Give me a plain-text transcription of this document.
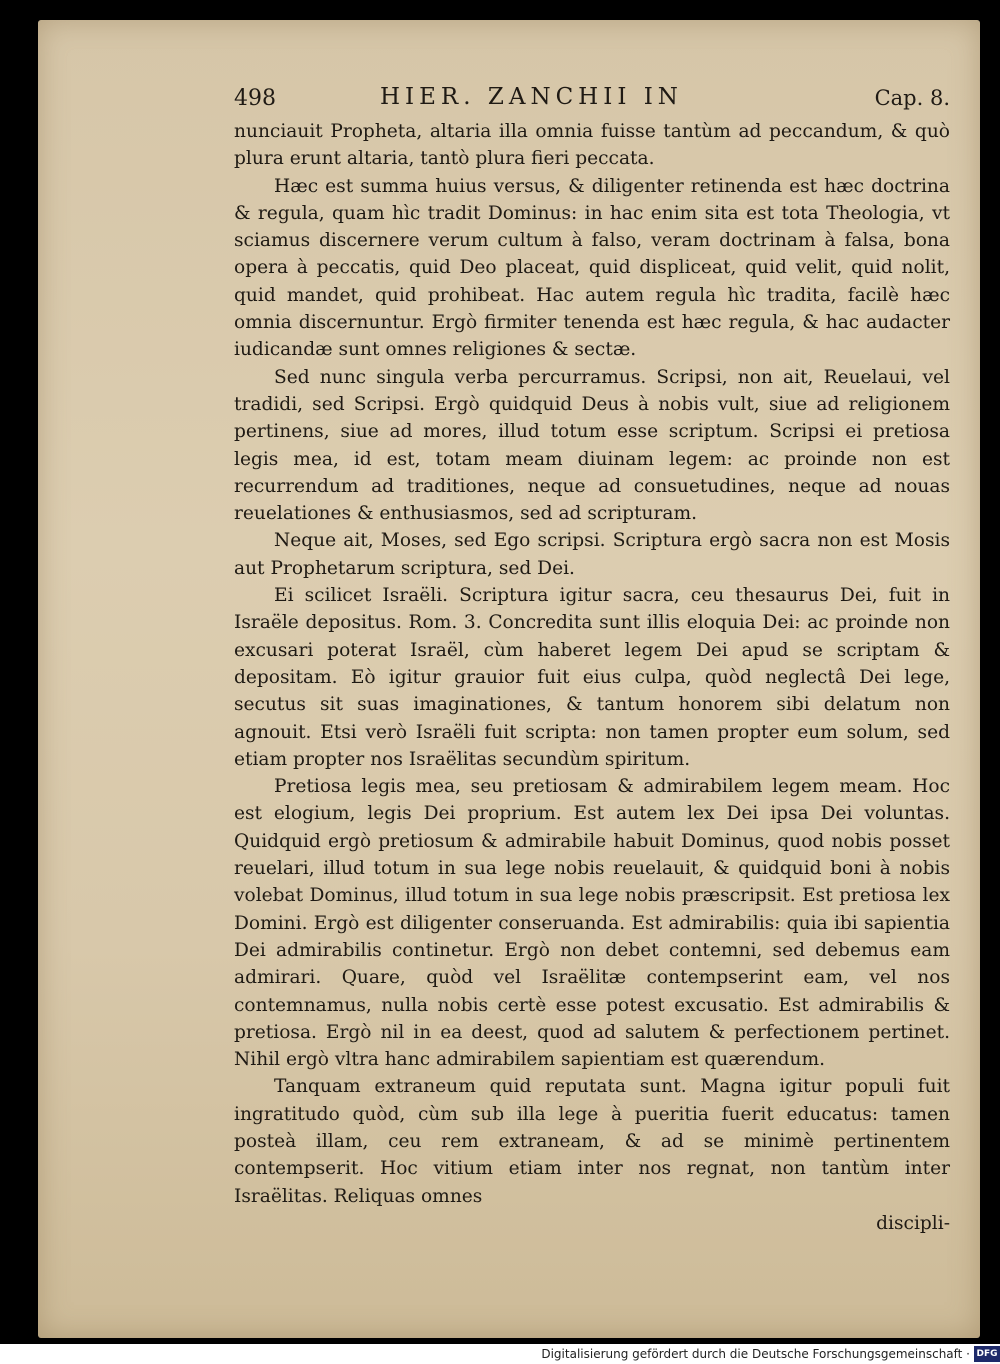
498	HIER. ZANCHII IN	Cap. 8.

nunciauit Propheta, altaria illa omnia fuisse tantùm ad peccandum, & quò plura erunt altaria, tantò plura fieri peccata.

Hæc est summa huius versus, & diligenter retinenda est hæc doctrina & regula, quam hìc tradit Dominus: in hac enim sita est tota Theologia, vt sciamus discernere verum cultum à falso, veram doctrinam à falsa, bona opera à peccatis, quid Deo placeat, quid displiceat, quid velit, quid nolit, quid mandet, quid prohibeat. Hac autem regula hìc tradita, facilè hæc omnia discernuntur. Ergò firmiter tenenda est hæc regula, & hac audacter iudicandæ sunt omnes religiones & sectæ.

Sed nunc singula verba percurramus. Scripsi, non ait, Reuelaui, vel tradidi, sed Scripsi. Ergò quidquid Deus à nobis vult, siue ad religionem pertinens, siue ad mores, illud totum esse scriptum. Scripsi ei pretiosa legis mea, id est, totam meam diuinam legem: ac proinde non est recurrendum ad traditiones, neque ad consuetudines, neque ad nouas reuelationes & enthusiasmos, sed ad scripturam.

Neque ait, Moses, sed Ego scripsi. Scriptura ergò sacra non est Mosis aut Prophetarum scriptura, sed Dei.

Ei scilicet Israëli. Scriptura igitur sacra, ceu thesaurus Dei, fuit in Israële depositus. Rom. 3. Concredita sunt illis eloquia Dei: ac proinde non excusari poterat Israël, cùm haberet legem Dei apud se scriptam & depositam. Eò igitur grauior fuit eius culpa, quòd neglectâ Dei lege, secutus sit suas imaginationes, & tantum honorem sibi delatum non agnouit. Etsi verò Israëli fuit scripta: non tamen propter eum solum, sed etiam propter nos Israëlitas secundùm spiritum.

Pretiosa legis mea, seu pretiosam & admirabilem legem meam. Hoc est elogium, legis Dei proprium. Est autem lex Dei ipsa Dei voluntas. Quidquid ergò pretiosum & admirabile habuit Dominus, quod nobis posset reuelari, illud totum in sua lege nobis reuelauit, & quidquid boni à nobis volebat Dominus, illud totum in sua lege nobis præscripsit. Est pretiosa lex Domini. Ergò est diligenter conseruanda. Est admirabilis: quia ibi sapientia Dei admirabilis continetur. Ergò non debet contemni, sed debemus eam admirari. Quare, quòd vel Israëlitæ contempserint eam, vel nos contemnamus, nulla nobis certè esse potest excusatio. Est admirabilis & pretiosa. Ergò nil in ea deest, quod ad salutem & perfectionem pertinet. Nihil ergò vltra hanc admirabilem sapientiam est quærendum.

Tanquam extraneum quid reputata sunt. Magna igitur populi fuit ingratitudo quòd, cùm sub illa lege à pueritia fuerit educatus: tamen posteà illam, ceu rem extraneam, & ad se minimè pertinentem contempserit. Hoc vitium etiam inter nos regnat, non tantùm inter Israëlitas. Reliquas omnes

discipli-
Digitalisierung gefördert durch die Deutsche Forschungsgemeinschaft · DFG
